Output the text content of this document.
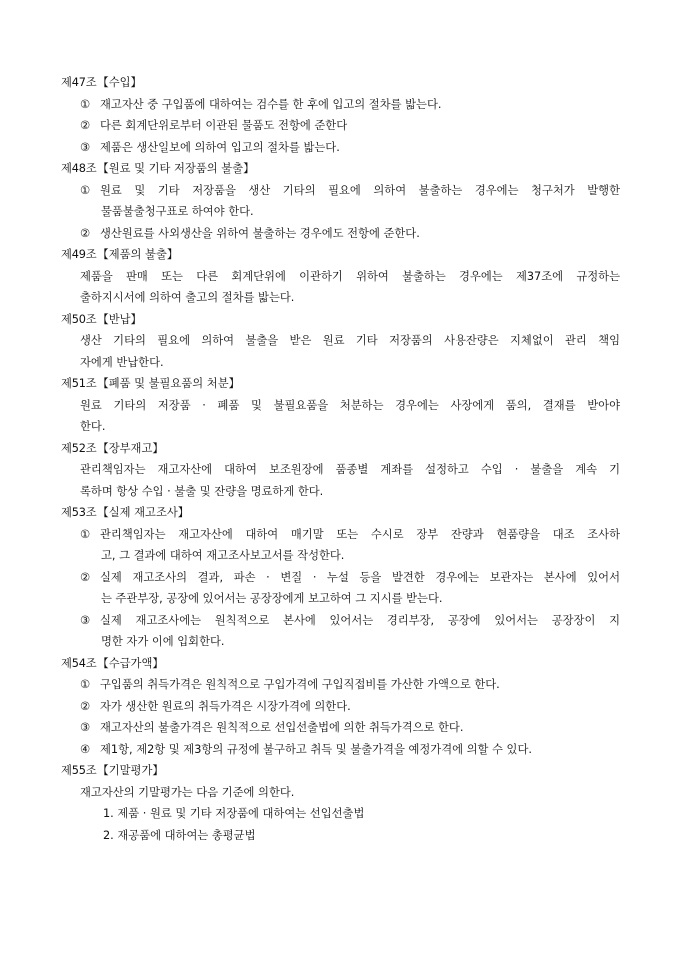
제47조【수입】
① 재고자산 중 구입품에 대하여는 검수를 한 후에 입고의 절차를 밟는다.
② 다른 회계단위로부터 이관된 물품도 전항에 준한다
③ 제품은 생산일보에 의하여 입고의 절차를 밟는다.
제48조【원료 및 기타 저장품의 불출】
① 원료 및 기타 저장품을 생산 기타의 필요에 의하여 불출하는 경우에는 청구처가 발행한
물품불출청구표로 하여야 한다.
② 생산원료를 사외생산을 위하여 불출하는 경우에도 전항에 준한다.
제49조【제품의 불출】
제품을 판매 또는 다른 회계단위에 이관하기 위하여 불출하는 경우에는 제37조에 규정하는
출하지시서에 의하여 출고의 절차를 밟는다.
제50조【반납】
생산 기타의 필요에 의하여 불출을 받은 원료 기타 저장품의 사용잔량은 지체없이 관리 책임
자에게 반납한다.
제51조【폐품 및 불필요품의 처분】
원료 기타의 저장품 · 폐품 및 불필요품을 처분하는 경우에는 사장에게 품의, 결재를 받아야
한다.
제52조【장부재고】
관리책임자는 재고자산에 대하여 보조원장에 품종별 계좌를 설정하고 수입 · 불출을 계속 기
록하며 항상 수입 · 불출 및 잔량을 명료하게 한다.
제53조【실제 재고조사】
① 관리책임자는 재고자산에 대하여 매기말 또는 수시로 장부 잔량과 현품량을 대조 조사하
고, 그 결과에 대하여 재고조사보고서를 작성한다.
② 실제 재고조사의 결과, 파손 · 변질 · 누설 등을 발견한 경우에는 보관자는 본사에 있어서
는 주관부장, 공장에 있어서는 공장장에게 보고하여 그 지시를 받는다.
③ 실제 재고조사에는 원칙적으로 본사에 있어서는 경리부장, 공장에 있어서는 공장장이 지
명한 자가 이에 입회한다.
제54조【수급가액】
① 구입품의 취득가격은 원칙적으로 구입가격에 구입직접비를 가산한 가액으로 한다.
② 자가 생산한 원료의 취득가격은 시장가격에 의한다.
③ 재고자산의 불출가격은 원칙적으로 선입선출법에 의한 취득가격으로 한다.
④ 제1항, 제2항 및 제3항의 규정에 불구하고 취득 및 불출가격을 예정가격에 의할 수 있다.
제55조【기말평가】
재고자산의 기말평가는 다음 기준에 의한다.
1. 제품 · 원료 및 기타 저장품에 대하여는 선입선출법
2. 재공품에 대하여는 총평균법
